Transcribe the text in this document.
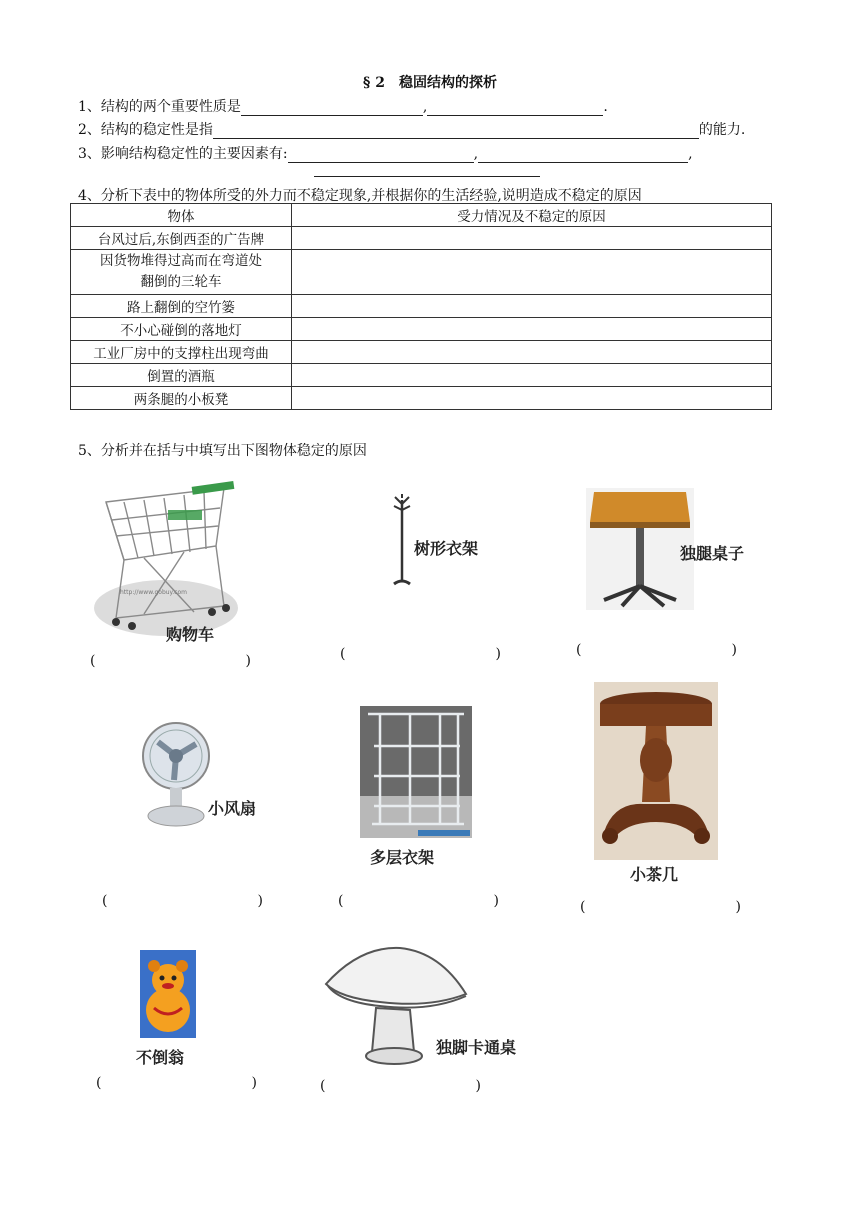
§ 2　稳固结构的探析
1、结构的两个重要性质是	,	.
2、结构的稳定性是指	的能力.
3、影响结构稳定性的主要因素有:	,	,
4、分析下表中的物体所受的外力而不稳定现象,并根据你的生活经验,说明造成不稳定的原因
物体	受力情况及不稳定的原因
台风过后,东倒西歪的广告牌	
因货物堆得过高而在弯道处
翻倒的三轮车	
路上翻倒的空竹篓	
不小心碰倒的落地灯	
工业厂房中的支撑柱出现弯曲	
倒置的酒瓶	
两条腿的小板凳	
5、分析并在括与中填写出下图物体稳定的原因
http://www.gobuy.com
购物车
(	)
树形衣架
(	)
独腿桌子
(	)
小风扇
(	)
多层衣架
(	)
小茶几
(	)
不倒翁
(	)
独脚卡通桌
(	)
